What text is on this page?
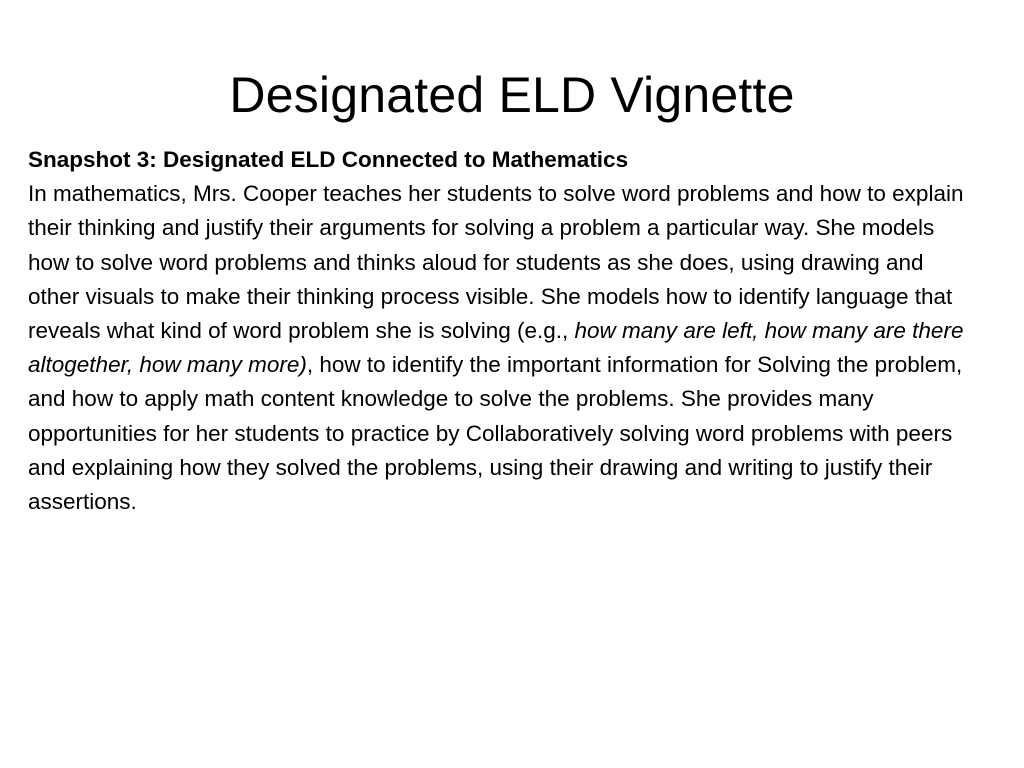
Designated ELD Vignette

Snapshot 3: Designated ELD Connected to Mathematics
In mathematics, Mrs. Cooper teaches her students to solve word problems and how to explain their thinking and justify their arguments for solving a problem a particular way. She models how to solve word problems and thinks aloud for students as she does, using drawing and other visuals to make their thinking process visible. She models how to identify language that reveals what kind of word problem she is solving (e.g., how many are left, how many are there altogether, how many more), how to identify the important information for Solving the problem, and how to apply math content knowledge to solve the problems. She provides many opportunities for her students to practice by Collaboratively solving word problems with peers and explaining how they solved the problems, using their drawing and writing to justify their assertions.
